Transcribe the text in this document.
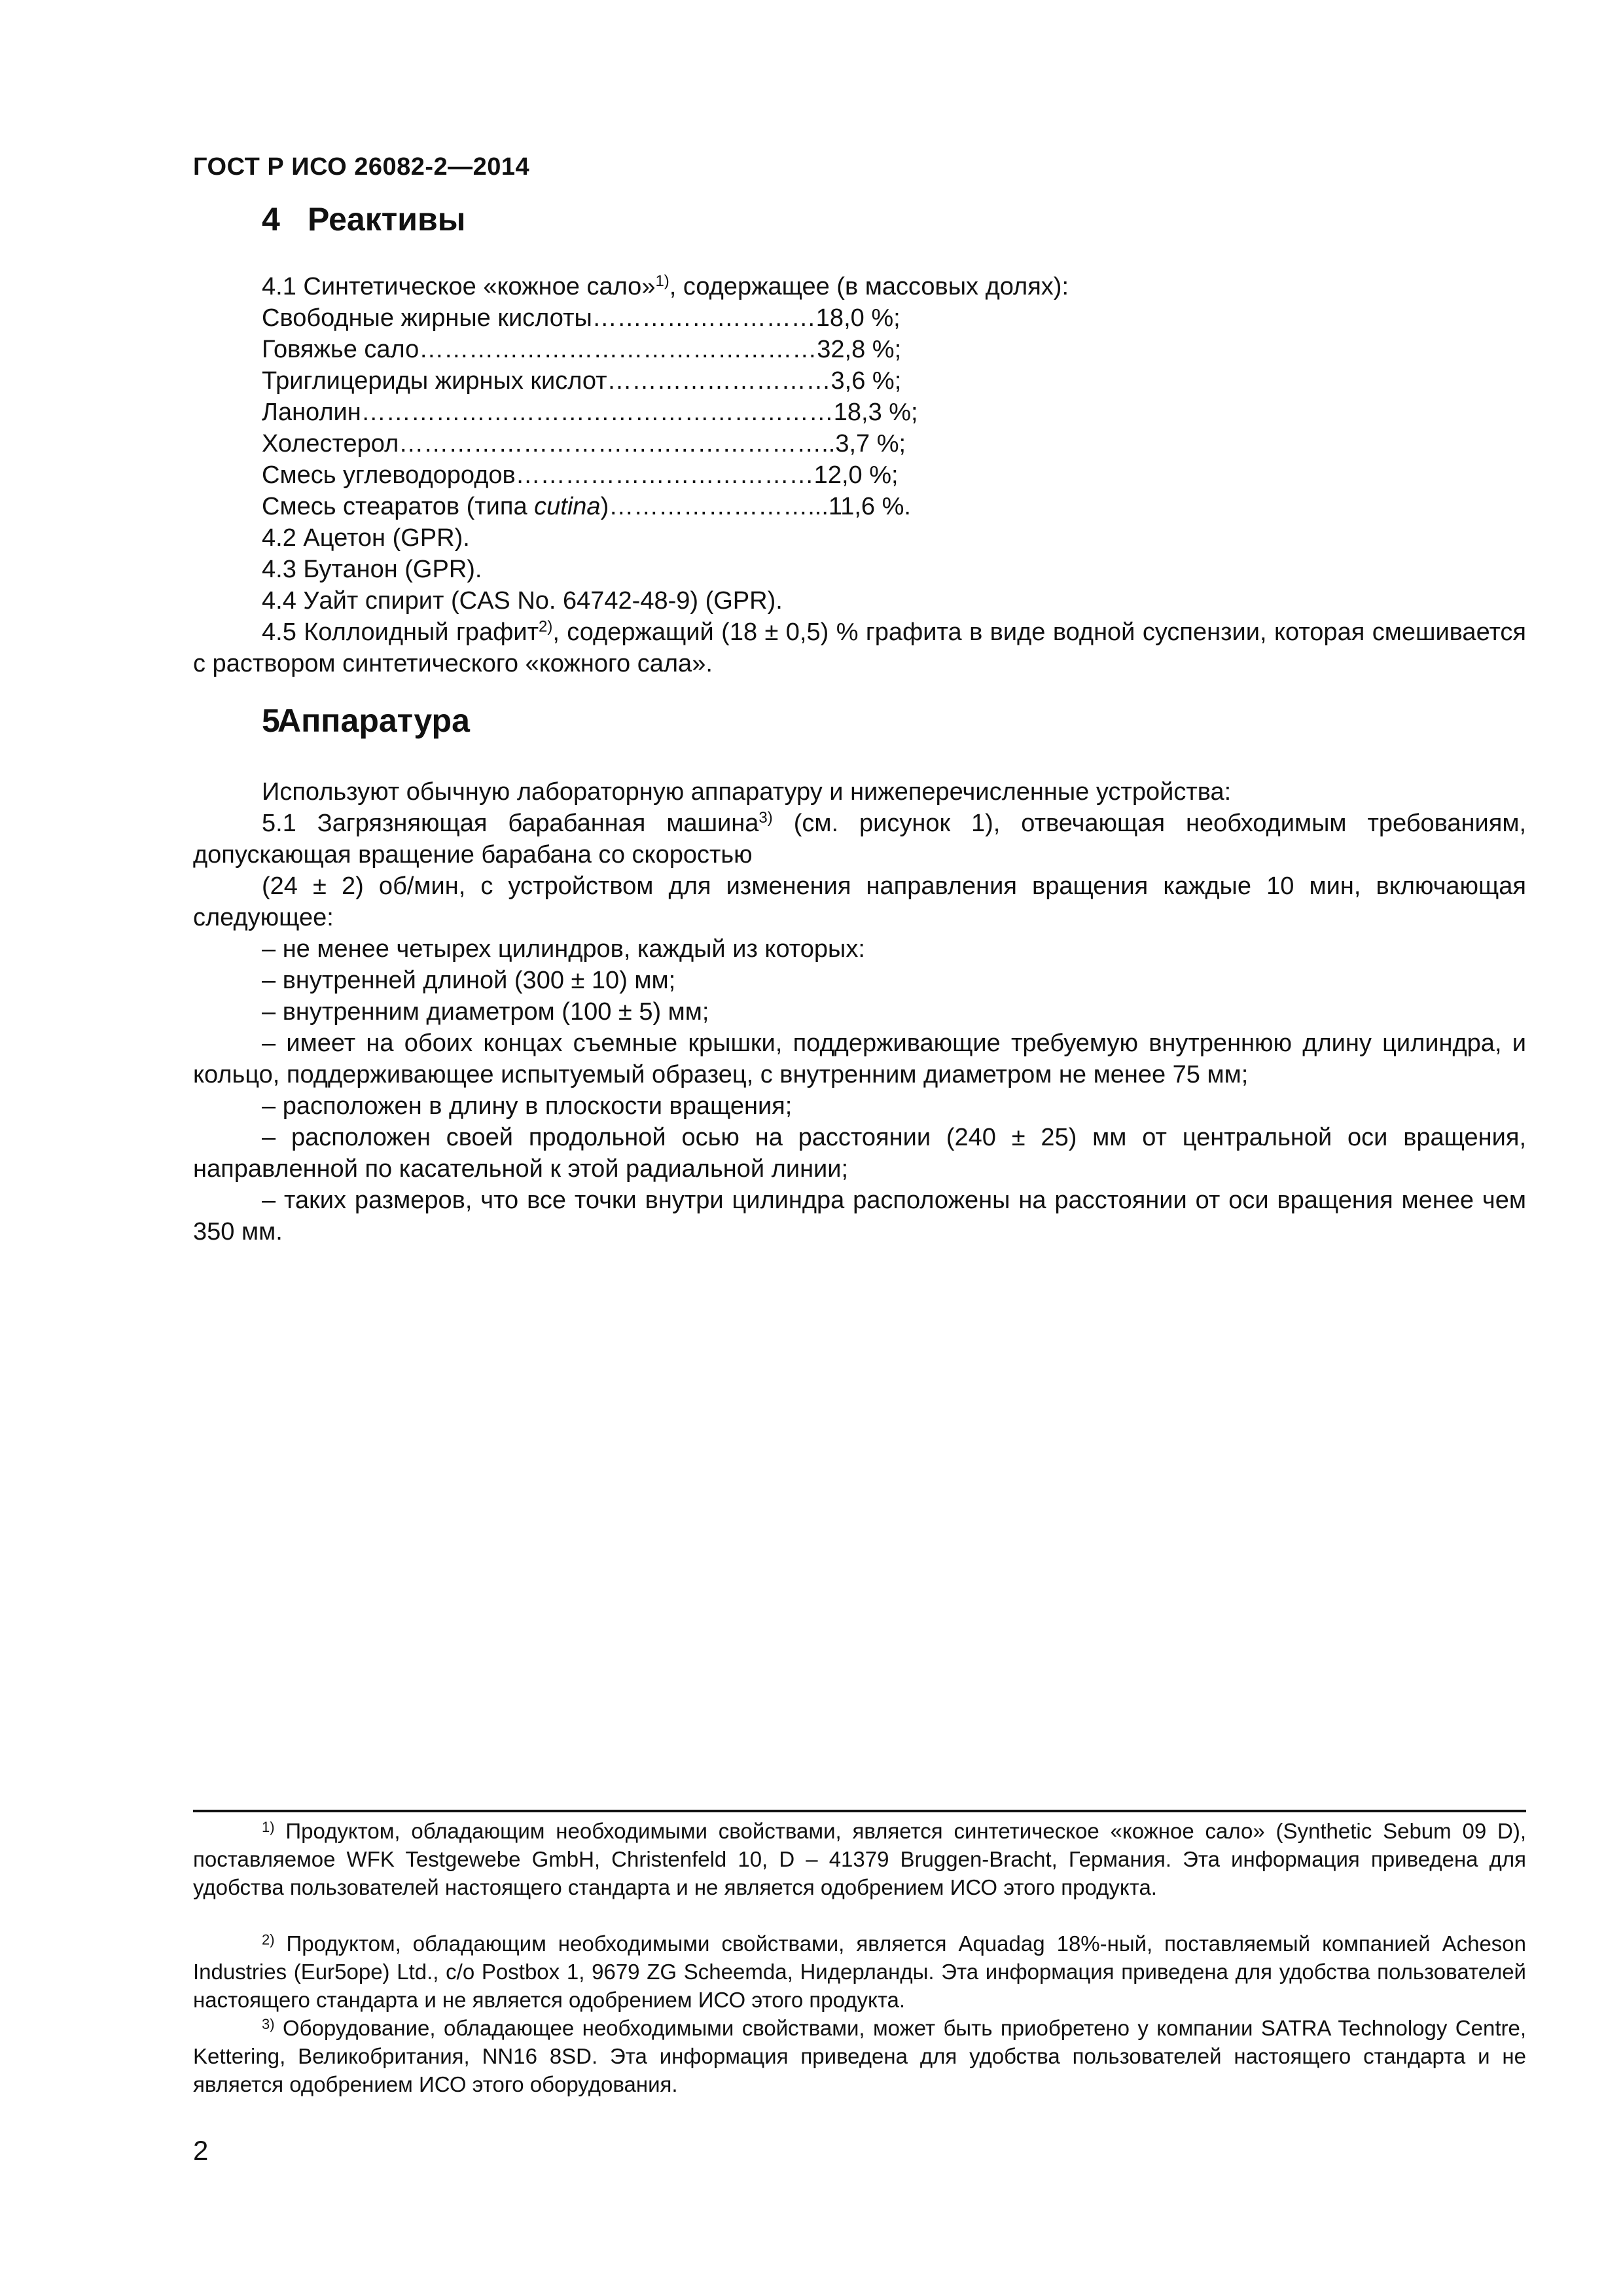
ГОСТ Р ИСО 26082-2—2014
4 Реактивы
4.1 Синтетическое «кожное сало»$^{1)}$, содержащее (в массовых долях):
Свободные жирные кислоты………………………18,0 %;
Говяжье сало…………………………………………32,8 %;
Триглицериды жирных кислот………………………3,6 %;
Ланолин…………………………………………………18,3 %;
Холестерол……………………………………………..3,7 %;
Смесь углеводородов………………………………12,0 %;
Смесь стеаратов (типа cutina)……………………...11,6 %.
4.2 Ацетон (GPR).
4.3 Бутанон (GPR).
4.4 Уайт спирит (CAS No. 64742-48-9) (GPR).
4.5 Коллоидный графит$^{2)}$, содержащий (18 ± 0,5) % графита в виде водной суспензии, которая смешивается с раствором синтетического «кожного сала».
5Аппаратура
Используют обычную лабораторную аппаратуру и нижеперечисленные устройства:
5.1 Загрязняющая барабанная машина$^{3)}$ (см. рисунок 1), отвечающая необходимым требованиям, допускающая вращение барабана со скоростью
(24 ± 2) об/мин, с устройством для изменения направления вращения каждые 10 мин, включающая следующее:
– не менее четырех цилиндров, каждый из которых:
– внутренней длиной (300 ± 10) мм;
– внутренним диаметром (100 ± 5) мм;
– имеет на обоих концах съемные крышки, поддерживающие требуемую внутреннюю длину цилиндра, и кольцо, поддерживающее испытуемый образец, с внутренним диаметром не менее 75 мм;
– расположен в длину в плоскости вращения;
– расположен своей продольной осью на расстоянии (240 ± 25) мм от центральной оси вращения, направленной по касательной к этой радиальной линии;
– таких размеров, что все точки внутри цилиндра расположены на расстоянии от оси вращения менее чем 350 мм.
$^{1)}$ Продуктом, обладающим необходимыми свойствами, является синтетическое «кожное сало» (Synthetic Sebum 09 D), поставляемое WFK Testgewebe GmbH, Christenfeld 10, D – 41379 Bruggen-Bracht, Германия. Эта информация приведена для удобства пользователей настоящего стандарта и не является одобрением ИСО этого продукта.
$^{2)}$ Продуктом, обладающим необходимыми свойствами, является Aquadag 18%-ный, поставляемый компанией Acheson Industries (Eur5ope) Ltd., c/o Postbox 1, 9679 ZG Scheemda, Нидерланды. Эта информация приведена для удобства пользователей настоящего стандарта и не является одобрением ИСО этого продукта.
$^{3)}$ Оборудование, обладающее необходимыми свойствами, может быть приобретено у компании SATRA Technology Centre, Kettering, Великобритания, NN16 8SD. Эта информация приведена для удобства пользователей настоящего стандарта и не является одобрением ИСО этого оборудования.
2
